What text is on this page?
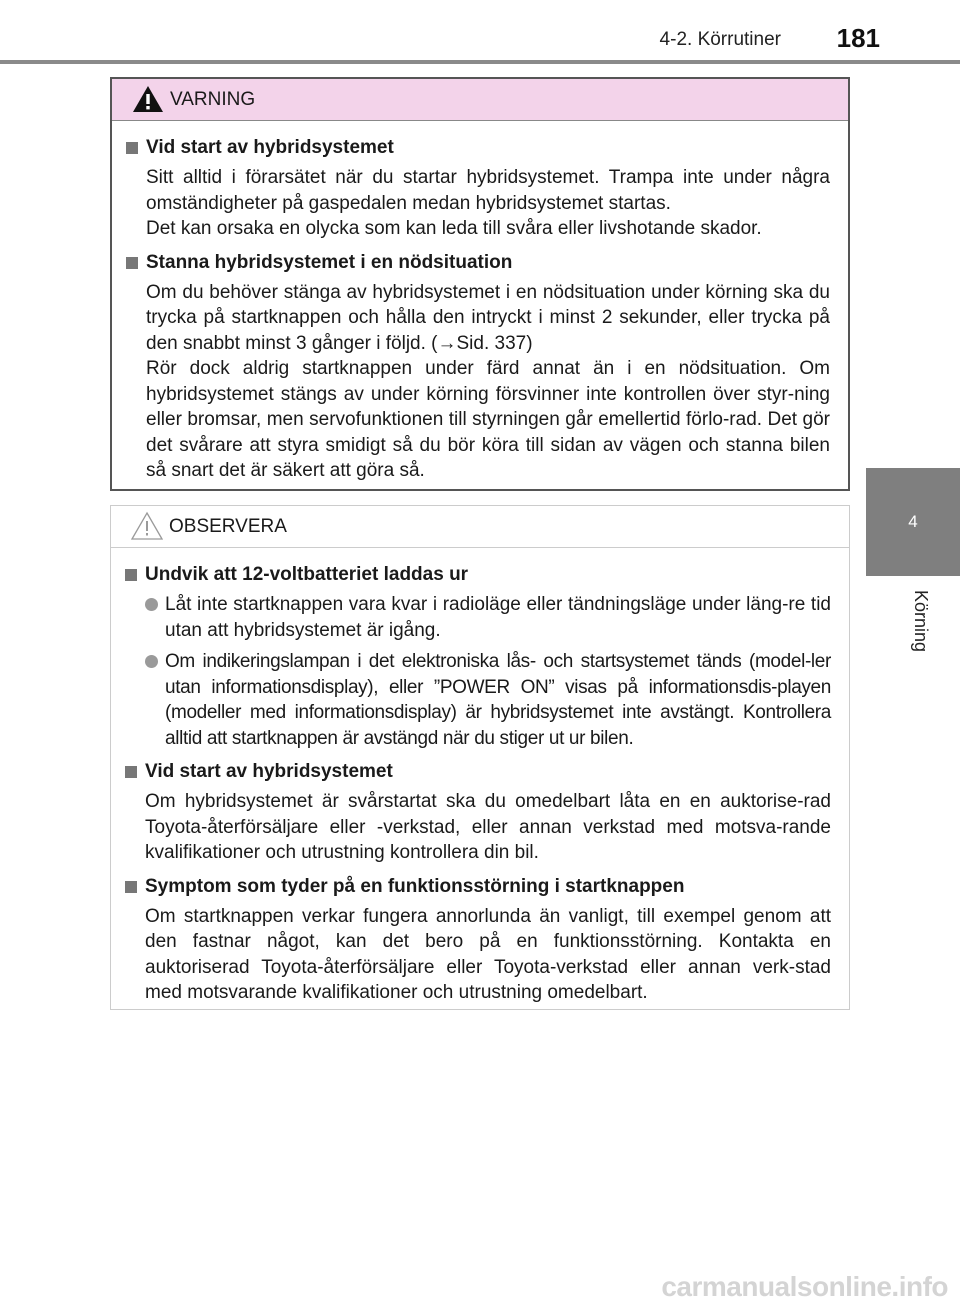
4-2. Körrutiner 181
4
Körning
VARNING
Vid start av hybridsystemet

Sitt alltid i förarsätet när du startar hybridsystemet. Trampa inte under några omständigheter på gaspedalen medan hybridsystemet startas.

Det kan orsaka en olycka som kan leda till svåra eller livshotande skador.

Stanna hybridsystemet i en nödsituation

Om du behöver stänga av hybridsystemet i en nödsituation under körning ska du trycka på startknappen och hålla den intryckt i minst 2 sekunder, eller trycka på den snabbt minst 3 gånger i följd. (→Sid. 337)

Rör dock aldrig startknappen under färd annat än i en nödsituation. Om hybridsystemet stängs av under körning försvinner inte kontrollen över styr-ning eller bromsar, men servofunktionen till styrningen går emellertid förlo-rad. Det gör det svårare att styra smidigt så du bör köra till sidan av vägen och stanna bilen så snart det är säkert att göra så.

OBSERVERA
Undvik att 12-voltbatteriet laddas ur
Låt inte startknappen vara kvar i radioläge eller tändningsläge under läng-re tid utan att hybridsystemet är igång.
Om indikeringslampan i det elektroniska lås- och startsystemet tänds (model-ler utan informationsdisplay), eller ”POWER ON” visas på informationsdis-playen (modeller med informationsdisplay) är hybridsystemet inte avstängt. Kontrollera alltid att startknappen är avstängd när du stiger ut ur bilen.
Vid start av hybridsystemet

Om hybridsystemet är svårstartat ska du omedelbart låta en en auktorise-rad Toyota-återförsäljare eller -verkstad, eller annan verkstad med motsva-rande kvalifikationer och utrustning kontrollera din bil.

Symptom som tyder på en funktionsstörning i startknappen

Om startknappen verkar fungera annorlunda än vanligt, till exempel genom att den fastnar något, kan det bero på en funktionsstörning. Kontakta en auktoriserad Toyota-återförsäljare eller Toyota-verkstad eller annan verk-stad med motsvarande kvalifikationer och utrustning omedelbart.

carmanualsonline.info
